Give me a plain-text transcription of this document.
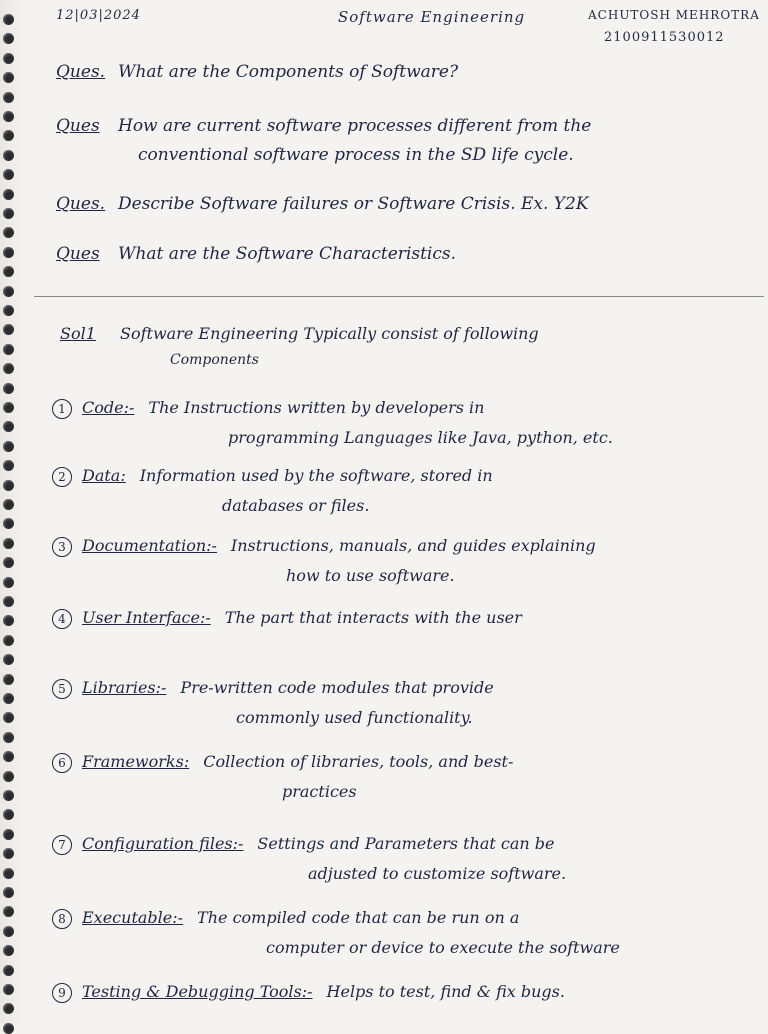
12|03|2024	Software Engineering	ACHUTOSH MEHROTRA
2100911530012
Ques. What are the Components of Software?
Ques How are current software processes different from the
conventional software process in the SD life cycle.
Ques. Describe Software failures or Software Crisis. Ex. Y2K
Ques What are the Software Characteristics.
Sol1 Software Engineering Typically consist of following
Components
1 Code:- The Instructions written by developers in
programming Languages like Java, python, etc.
2 Data: Information used by the software, stored in
databases or files.
3 Documentation:- Instructions, manuals, and guides explaining
how to use software.
4 User Interface:- The part that interacts with the user
5 Libraries:- Pre-written code modules that provide
commonly used functionality.
6 Frameworks: Collection of libraries, tools, and best-
practices
7 Configuration files:- Settings and Parameters that can be
adjusted to customize software.
8 Executable:- The compiled code that can be run on a
computer or device to execute the software
9 Testing & Debugging Tools:- Helps to test, find & fix bugs.
